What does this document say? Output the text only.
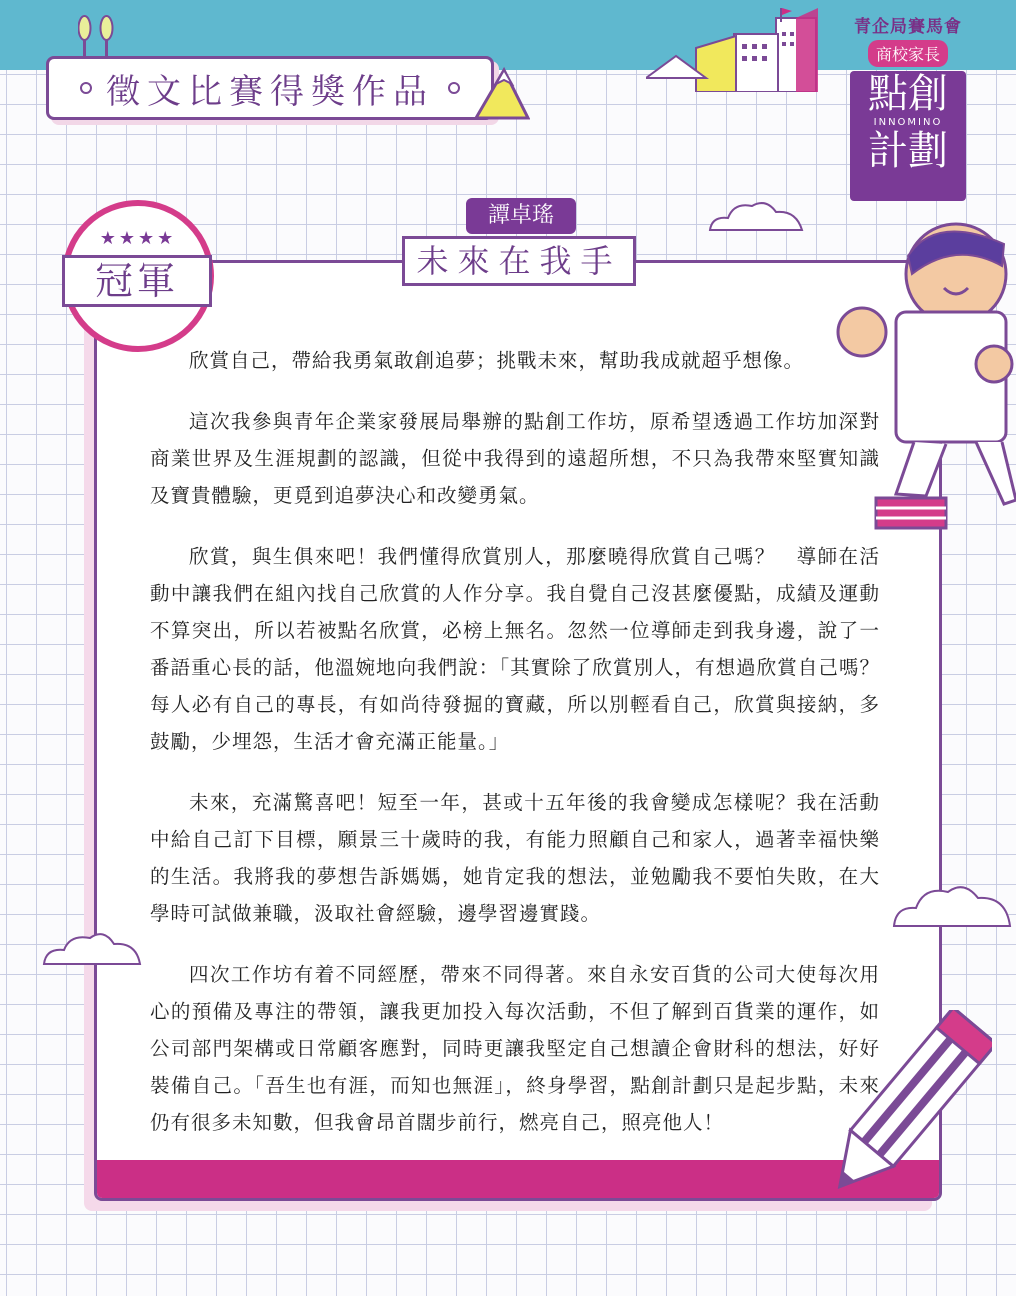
徵文比賽得獎作品
青企局賽馬會
商校家長
點創
INNOMINO
計劃
譚卓瑤
未來在我手
★★★★
冠軍

欣賞自己，帶給我勇氣敢創追夢；挑戰未來，幫助我成就超乎想像。

這次我參與青年企業家發展局舉辦的點創工作坊，原希望透過工作坊加深對商業世界及生涯規劃的認識，但從中我得到的遠超所想，不只為我帶來堅實知識及寶貴體驗，更覓到追夢決心和改變勇氣。

欣賞，與生俱來吧！我們懂得欣賞別人，那麼曉得欣賞自己嗎？　導師在活動中讓我們在組內找自己欣賞的人作分享。我自覺自己沒甚麼優點，成績及運動不算突出，所以若被點名欣賞，必榜上無名。忽然一位導師走到我身邊，說了一番語重心長的話，他溫婉地向我們說：「其實除了欣賞別人，有想過欣賞自己嗎？每人必有自己的專長，有如尚待發掘的寶藏，所以別輕看自己，欣賞與接納，多鼓勵，少埋怨，生活才會充滿正能量。」

未來，充滿驚喜吧！短至一年，甚或十五年後的我會變成怎樣呢？我在活動中給自己訂下目標，願景三十歲時的我，有能力照顧自己和家人，過著幸福快樂的生活。我將我的夢想告訴媽媽，她肯定我的想法，並勉勵我不要怕失敗，在大學時可試做兼職，汲取社會經驗，邊學習邊實踐。

四次工作坊有着不同經歷，帶來不同得著。來自永安百貨的公司大使每次用心的預備及專注的帶領，讓我更加投入每次活動，不但了解到百貨業的運作，如公司部門架構或日常顧客應對，同時更讓我堅定自己想讀企會財科的想法，好好裝備自己。「吾生也有涯，而知也無涯」，終身學習，點創計劃只是起步點，未來仍有很多未知數，但我會昂首闊步前行，燃亮自己，照亮他人！
